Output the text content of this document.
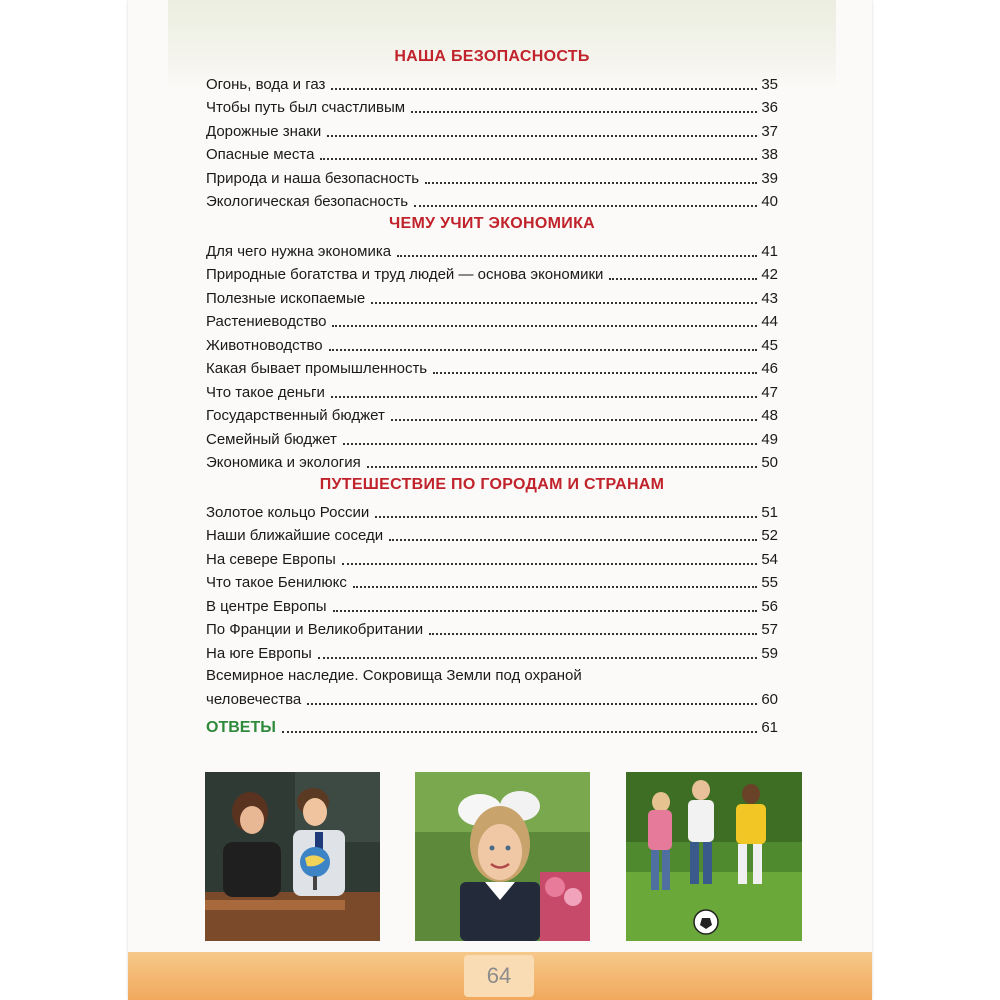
НАША БЕЗОПАСНОСТЬ
Огонь, вода и газ	35
Чтобы путь был счастливым	36
Дорожные знаки	37
Опасные места	38
Природа и наша безопасность	39
Экологическая безопасность	40
ЧЕМУ УЧИТ ЭКОНОМИКА
Для чего нужна экономика	41
Природные богатства и труд людей — основа экономики	42
Полезные ископаемые	43
Растениеводство	44
Животноводство	45
Какая бывает промышленность	46
Что такое деньги	47
Государственный бюджет	48
Семейный бюджет	49
Экономика и экология	50
ПУТЕШЕСТВИЕ ПО ГОРОДАМ И СТРАНАМ
Золотое кольцо России	51
Наши ближайшие соседи	52
На севере Европы	54
Что такое Бенилюкс	55
В центре Европы	56
По Франции и Великобритании	57
На юге Европы	59
Всемирное наследие. Сокровища Земли под охраной
человечества	60
ОТВЕТЫ	61
64
